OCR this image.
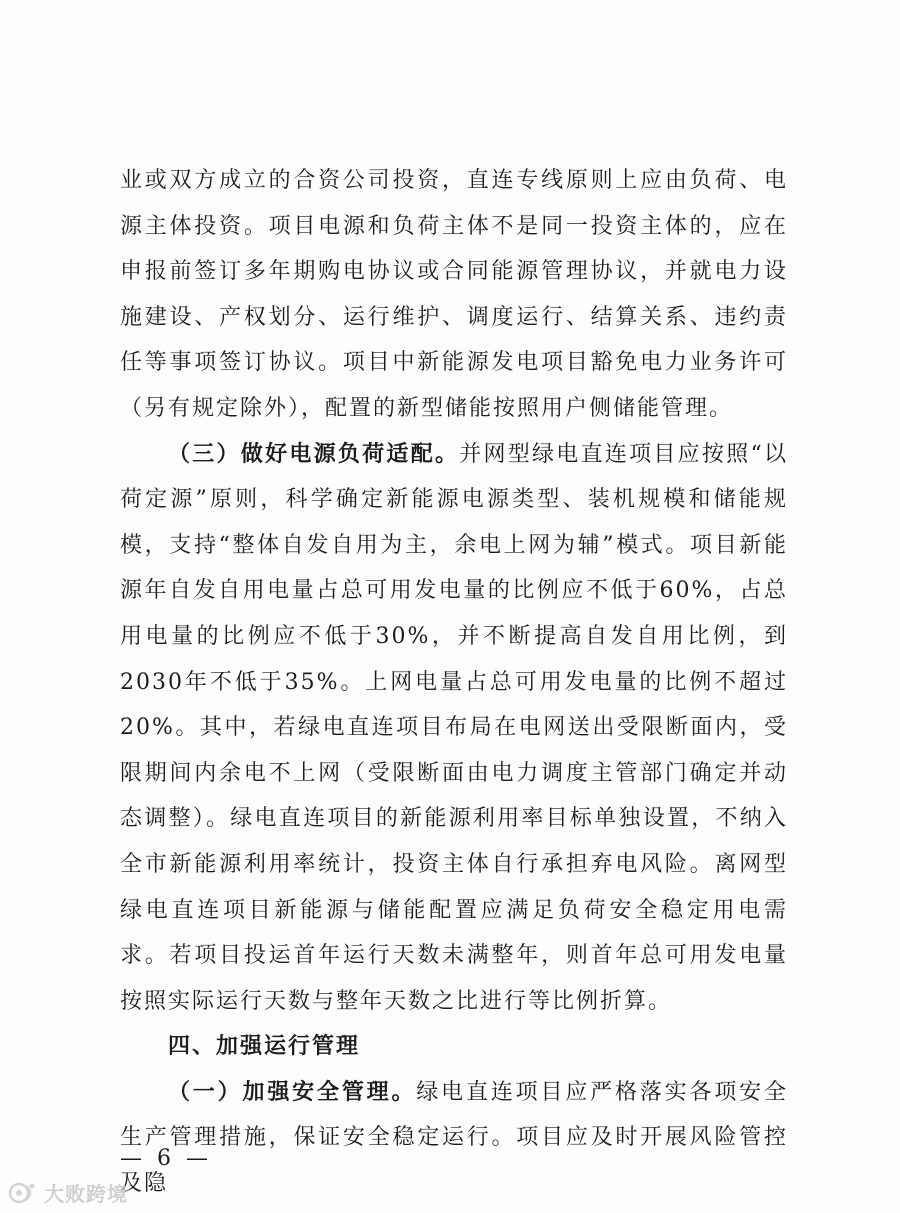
业或双方成立的合资公司投资，直连专线原则上应由负荷、电源主体投资。项目电源和负荷主体不是同一投资主体的，应在申报前签订多年期购电协议或合同能源管理协议，并就电力设施建设、产权划分、运行维护、调度运行、结算关系、违约责任等事项签订协议。项目中新能源发电项目豁免电力业务许可（另有规定除外），配置的新型储能按照用户侧储能管理。

（三）做好电源负荷适配。并网型绿电直连项目应按照“以荷定源”原则，科学确定新能源电源类型、装机规模和储能规模，支持“整体自发自用为主，余电上网为辅”模式。项目新能源年自发自用电量占总可用发电量的比例应不低于60%，占总用电量的比例应不低于30%，并不断提高自发自用比例，到2030年不低于35%。上网电量占总可用发电量的比例不超过20%。其中，若绿电直连项目布局在电网送出受限断面内，受限期间内余电不上网（受限断面由电力调度主管部门确定并动态调整）。绿电直连项目的新能源利用率目标单独设置，不纳入全市新能源利用率统计，投资主体自行承担弃电风险。离网型绿电直连项目新能源与储能配置应满足负荷安全稳定用电需求。若项目投运首年运行天数未满整年，则首年总可用发电量按照实际运行天数与整年天数之比进行等比例折算。

四、加强运行管理

（一）加强安全管理。绿电直连项目应严格落实各项安全生产管理措施，保证安全稳定运行。项目应及时开展风险管控及隐

— 6 —
大败跨境
